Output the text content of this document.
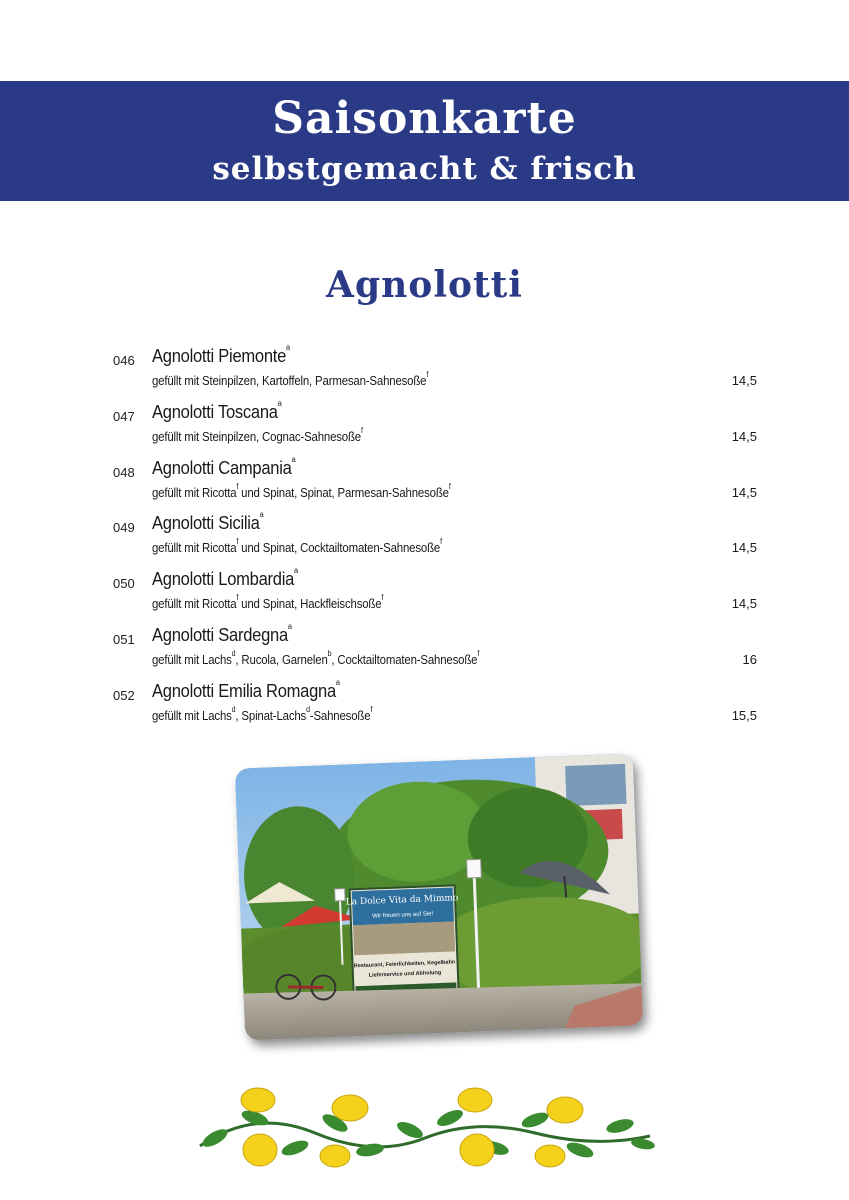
Saisonkarte
selbstgemacht & frisch
Agnolotti
046 Agnolotti Piemonte$^a$
gefüllt mit Steinpilzen, Kartoffeln, Parmesan-Sahnesoße$^f$	14,5
047 Agnolotti Toscana$^a$
gefüllt mit Steinpilzen, Cognac-Sahnesoße$^f$	14,5
048 Agnolotti Campania$^a$
gefüllt mit Ricotta$^f$ und Spinat, Spinat, Parmesan-Sahnesoße$^f$	14,5
049 Agnolotti Sicilia$^a$
gefüllt mit Ricotta$^f$ und Spinat, Cocktailtomaten-Sahnesoße$^f$	14,5
050 Agnolotti Lombardia$^a$
gefüllt mit Ricotta$^f$ und Spinat, Hackfleischsoße$^f$	14,5
051 Agnolotti Sardegna$^a$
gefüllt mit Lachs$^d$, Rucola, Garnelen$^b$, Cocktailtomaten-Sahnesoße$^f$	16
052 Agnolotti Emilia Romagna$^a$
gefüllt mit Lachs$^d$, Spinat-Lachs$^d$-Sahnesoße$^f$	15,5
La Dolce Vita da Mimmo
Wir freuen uns auf Sie!
Restaurant, Feierlichkeiten, Kegelbahn
Lieferservice und Abholung
